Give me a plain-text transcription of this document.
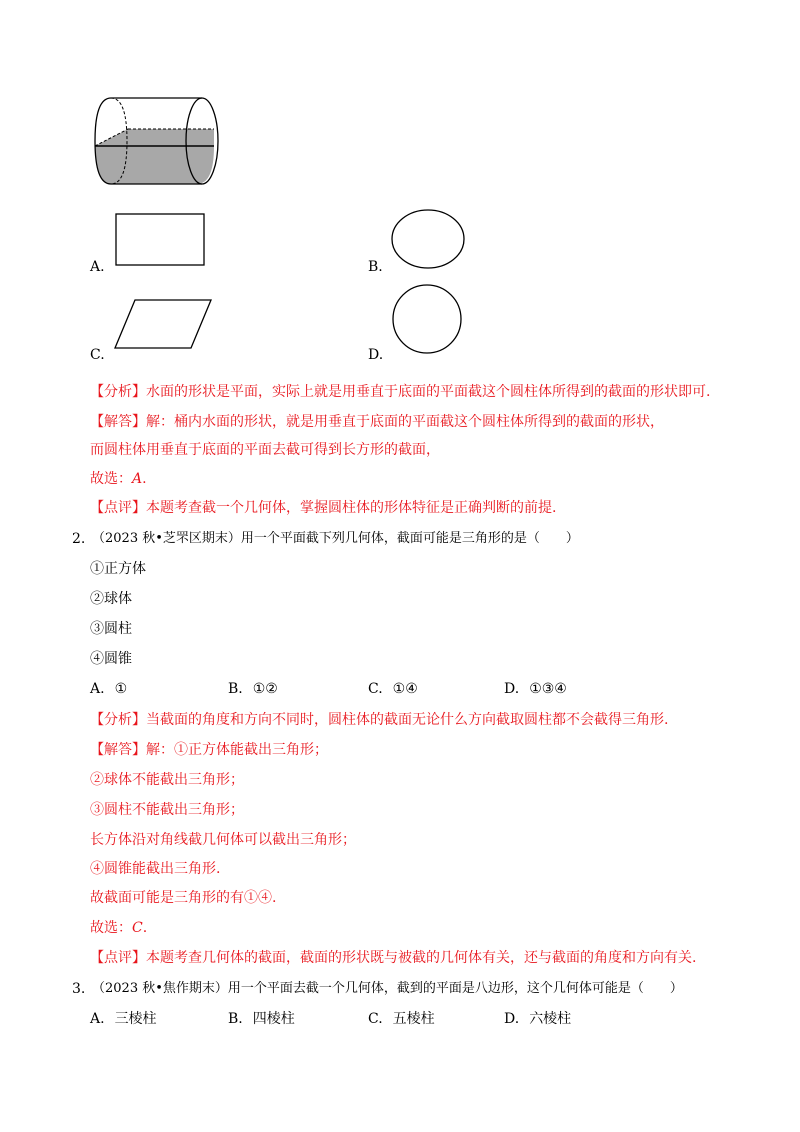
A.	B.
C.	D.
【分析】水面的形状是平面，实际上就是用垂直于底面的平面截这个圆柱体所得到的截面的形状即可.
【解答】解：桶内水面的形状，就是用垂直于底面的平面截这个圆柱体所得到的截面的形状，
而圆柱体用垂直于底面的平面去截可得到长方形的截面，
故选：A.
【点评】本题考查截一个几何体，掌握圆柱体的形体特征是正确判断的前提.
2. （2023 秋•芝罘区期末）用一个平面截下列几何体，截面可能是三角形的是（　　）
①正方体
②球体
③圆柱
④圆锥
A. ①	B. ①②	C. ①④	D. ①③④
【分析】当截面的角度和方向不同时，圆柱体的截面无论什么方向截取圆柱都不会截得三角形.
【解答】解：①正方体能截出三角形；
②球体不能截出三角形；
③圆柱不能截出三角形；
长方体沿对角线截几何体可以截出三角形；
④圆锥能截出三角形.
故截面可能是三角形的有①④.
故选：C.
【点评】本题考查几何体的截面，截面的形状既与被截的几何体有关，还与截面的角度和方向有关.
3. （2023 秋•焦作期末）用一个平面去截一个几何体，截到的平面是八边形，这个几何体可能是（　　）
A. 三棱柱	B. 四棱柱	C. 五棱柱	D. 六棱柱
